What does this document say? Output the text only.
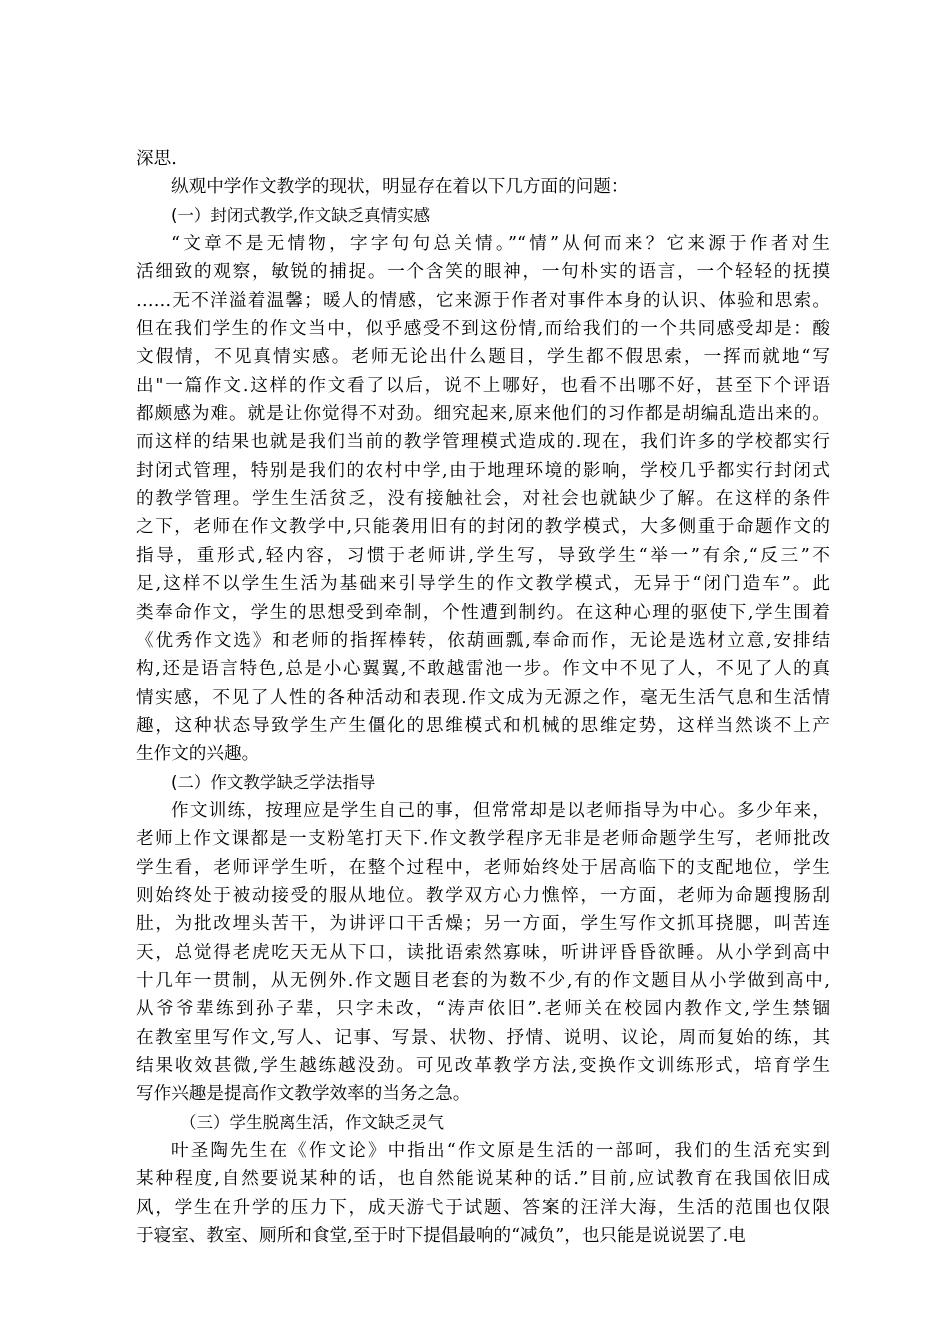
深思.
纵观中学作文教学的现状，明显存在着以下几方面的问题：
(一）封闭式教学,作文缺乏真情实感
“文章不是无情物，字字句句总关情。”“情”从何而来？它来源于作者对生
活细致的观察，敏锐的捕捉。一个含笑的眼神，一句朴实的语言，一个轻轻的抚摸
……无不洋溢着温馨；暖人的情感，它来源于作者对事件本身的认识、体验和思索。
但在我们学生的作文当中，似乎感受不到这份情,而给我们的一个共同感受却是：酸
文假情，不见真情实感。老师无论出什么题目，学生都不假思索，一挥而就地“写
出"一篇作文.这样的作文看了以后，说不上哪好，也看不出哪不好，甚至下个评语
都颇感为难。就是让你觉得不对劲。细究起来,原来他们的习作都是胡编乱造出来的。
而这样的结果也就是我们当前的教学管理模式造成的.现在，我们许多的学校都实行
封闭式管理，特别是我们的农村中学,由于地理环境的影响，学校几乎都实行封闭式
的教学管理。学生生活贫乏，没有接触社会，对社会也就缺少了解。在这样的条件
之下，老师在作文教学中,只能袭用旧有的封闭的教学模式，大多侧重于命题作文的
指导，重形式,轻内容，习惯于老师讲,学生写，导致学生“举一”有余,“反三”不
足,这样不以学生生活为基础来引导学生的作文教学模式，无异于“闭门造车”。此
类奉命作文，学生的思想受到牵制，个性遭到制约。在这种心理的驱使下,学生围着
《优秀作文选》和老师的指挥棒转，依葫画瓢,奉命而作，无论是选材立意,安排结
构,还是语言特色,总是小心翼翼,不敢越雷池一步。作文中不见了人，不见了人的真
情实感，不见了人性的各种活动和表现.作文成为无源之作，毫无生活气息和生活情
趣，这种状态导致学生产生僵化的思维模式和机械的思维定势，这样当然谈不上产
生作文的兴趣。
(二）作文教学缺乏学法指导
作文训练，按理应是学生自己的事，但常常却是以老师指导为中心。多少年来，
老师上作文课都是一支粉笔打天下.作文教学程序无非是老师命题学生写，老师批改
学生看，老师评学生听，在整个过程中，老师始终处于居高临下的支配地位，学生
则始终处于被动接受的服从地位。教学双方心力憔悴，一方面，老师为命题搜肠刮
肚，为批改埋头苦干，为讲评口干舌燥；另一方面，学生写作文抓耳挠腮，叫苦连
天，总觉得老虎吃天无从下口，读批语索然寡味，听讲评昏昏欲睡。从小学到高中
十几年一贯制，从无例外.作文题目老套的为数不少,有的作文题目从小学做到高中,
从爷爷辈练到孙子辈，只字未改，“涛声依旧”.老师关在校园内教作文,学生禁锢
在教室里写作文,写人、记事、写景、状物、抒情、说明、议论，周而复始的练，其
结果收效甚微,学生越练越没劲。可见改革教学方法,变换作文训练形式，培育学生
写作兴趣是提高作文教学效率的当务之急。
（三）学生脱离生活，作文缺乏灵气
叶圣陶先生在《作文论》中指出“作文原是生活的一部呵，我们的生活充实到
某种程度,自然要说某种的话，也自然能说某种的话.”目前,应试教育在我国依旧成
风，学生在升学的压力下，成天游弋于试题、答案的汪洋大海，生活的范围也仅限
于寝室、教室、厕所和食堂,至于时下提倡最响的“减负”，也只能是说说罢了.电
